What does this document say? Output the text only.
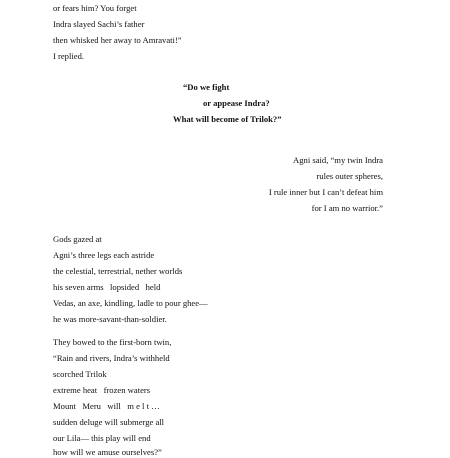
or fears him? You forget
Indra slayed Sachi’s father
then whisked her away to Amravati!”
I replied.
“Do we fight
or appease Indra?
What will become of Trilok?”
Agni said, “my twin Indra
rules outer spheres,
I rule inner but I can’t defeat him
for I am no warrior.”
Gods gazed at
Agni’s three legs each astride
the celestial, terrestrial, nether worlds
his seven arms   lopsided   held
Vedas, an axe, kindling, ladle to pour ghee—
he was more-savant-than-soldier.
They bowed to the first-born twin,
“Rain and rivers, Indra’s withheld
scorched Trilok
extreme heat   frozen waters
Mount   Meru   will   m e l t …
sudden deluge will submerge all
our Lila— this play will end
how will we amuse ourselves?”
